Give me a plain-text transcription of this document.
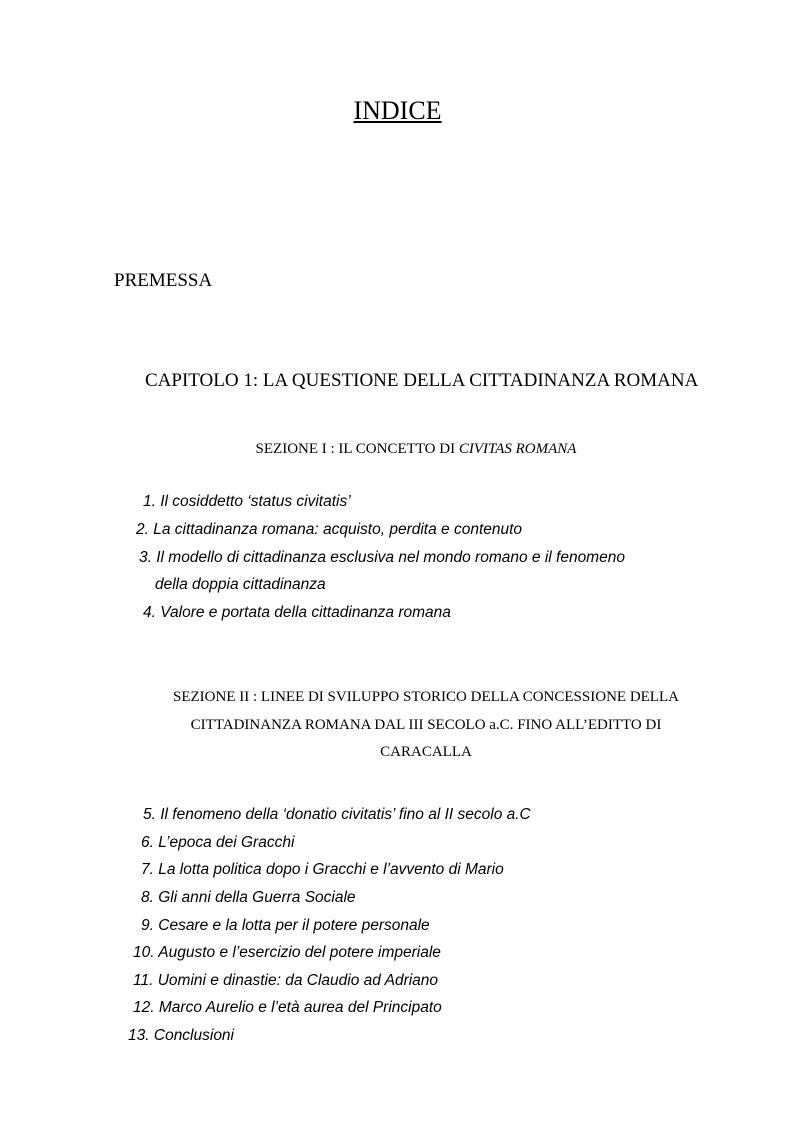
INDICE
PREMESSA
CAPITOLO 1: LA QUESTIONE DELLA CITTADINANZA ROMANA
SEZIONE I : IL CONCETTO DI CIVITAS ROMANA
1. Il cosiddetto ‘status civitatis’
2. La cittadinanza romana: acquisto, perdita e contenuto
3. Il modello di cittadinanza esclusiva nel mondo romano e il fenomeno
della doppia cittadinanza
4. Valore e portata della cittadinanza romana
SEZIONE II : LINEE DI SVILUPPO STORICO DELLA CONCESSIONE DELLA CITTADINANZA ROMANA DAL III SECOLO a.C. FINO ALL’EDITTO DI CARACALLA
5. Il fenomeno della ‘donatio civitatis’ fino al II secolo a.C
6. L’epoca dei Gracchi
7. La lotta politica dopo i Gracchi e l’avvento di Mario
8. Gli anni della Guerra Sociale
9. Cesare e la lotta per il potere personale
10. Augusto e l’esercizio del potere imperiale
11. Uomini e dinastie: da Claudio ad Adriano
12. Marco Aurelio e l’età aurea del Principato
13. Conclusioni
